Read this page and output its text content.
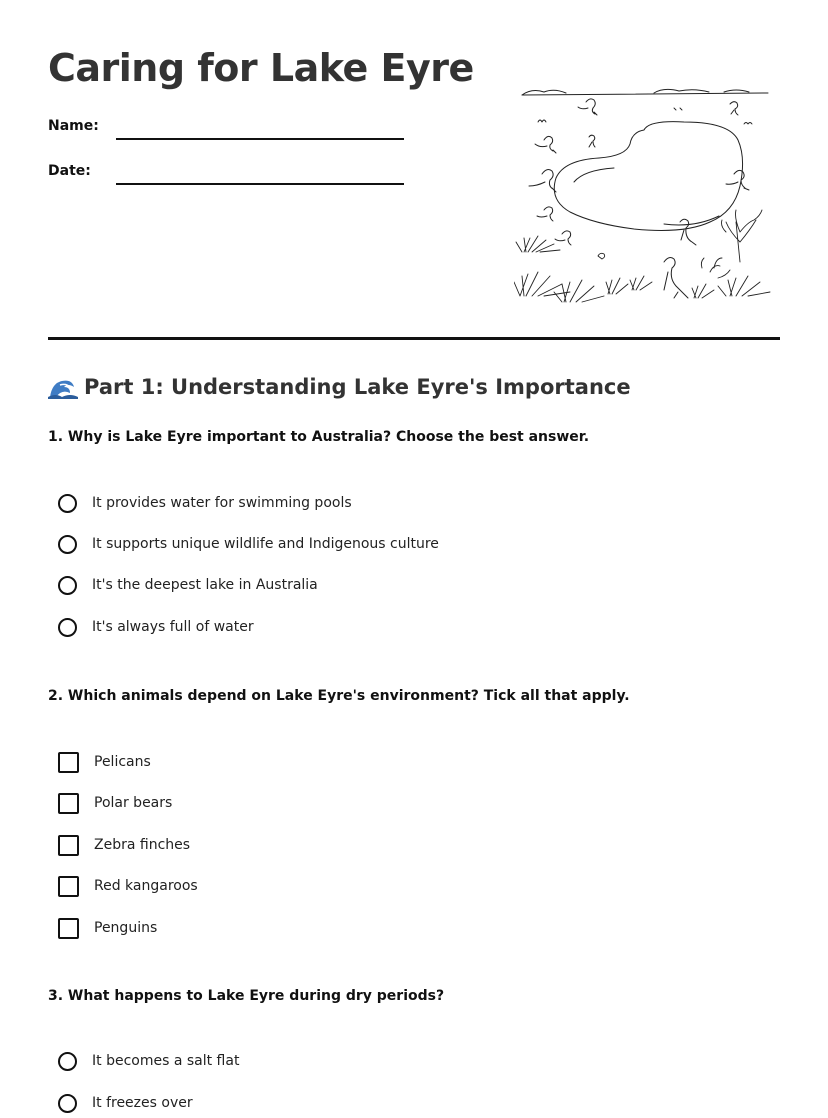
Caring for Lake Eyre
Name:
Date:
Part 1: Understanding Lake Eyre's Importance

1. Why is Lake Eyre important to Australia? Choose the best answer.

It provides water for swimming pools
It supports unique wildlife and Indigenous culture
It's the deepest lake in Australia
It's always full of water

2. Which animals depend on Lake Eyre's environment? Tick all that apply.

Pelicans
Polar bears
Zebra finches
Red kangaroos
Penguins

3. What happens to Lake Eyre during dry periods?

It becomes a salt flat
It freezes over
